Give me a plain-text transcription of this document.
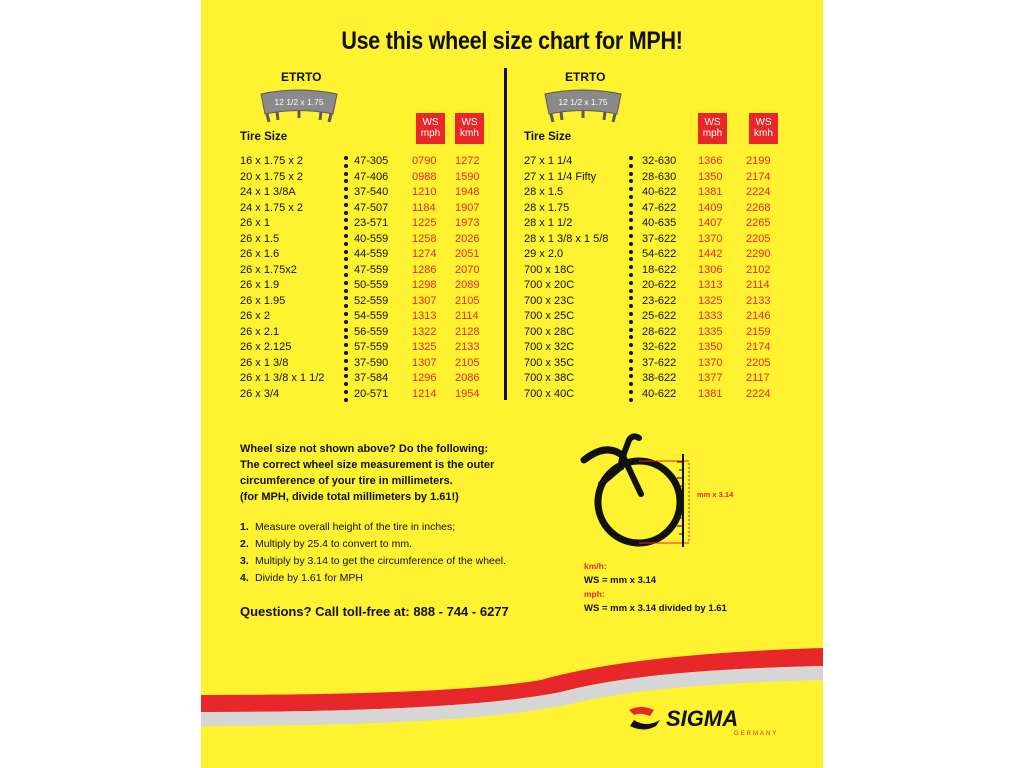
Use this wheel size chart for MPH!
ETRTO
12 1/2 x 1.75
Tire Size
WS
mph
WS
kmh
16 x 1.75 x 2	47-305 0790 1272
20 x 1.75 x 2	47-406 0988 1590
24 x 1 3/8A	37-540 1210 1948
24 x 1.75 x 2	47-507 1184 1907
26 x 1	23-571 1225 1973
26 x 1.5	40-559 1258 2026
26 x 1.6	44-559 1274 2051
26 x 1.75x2	47-559 1286 2070
26 x 1.9	50-559 1298 2089
26 x 1.95	52-559 1307 2105
26 x 2	54-559 1313 2114
26 x 2.1	56-559 1322 2128
26 x 2.125	57-559 1325 2133
26 x 1 3/8	37-590 1307 2105
26 x 1 3/8 x 1 1/2	37-584 1296 2086
26 x 3/4	20-571 1214 1954
ETRTO
12 1/2 x 1.75
Tire Size
WS
mph
WS
kmh
27 x 1 1/4	32-630 1366 2199
27 x 1 1/4 Fifty	28-630 1350 2174
28 x 1.5	40-622 1381 2224
28 x 1.75	47-622 1409 2268
28 x 1 1/2	40-635 1407 2265
28 x 1 3/8 x 1 5/8	37-622 1370 2205
29 x 2.0	54-622 1442 2290
700 x 18C	18-622 1306 2102
700 x 20C	20-622 1313 2114
700 x 23C	23-622 1325 2133
700 x 25C	25-622 1333 2146
700 x 28C	28-622 1335 2159
700 x 32C	32-622 1350 2174
700 x 35C	37-622 1370 2205
700 x 38C	38-622 1377 2117
700 x 40C	40-622 1381 2224
Wheel size not shown above? Do the following:
The correct wheel size measurement is the outer
circumference of your tire in millimeters.
(for MPH, divide total millimeters by 1.61!)
1. Measure overall height of the tire in inches;
2. Multiply by 25.4 to convert to mm.
3. Multiply by 3.14 to get the circumference of the wheel.
4. Divide by 1.61 for MPH
Questions? Call toll-free at: 888 - 744 - 6277
mm x 3.14
km/h:
WS = mm x 3.14
mph:
WS = mm x 3.14 divided by 1.61
SIGMA
GERMANY
